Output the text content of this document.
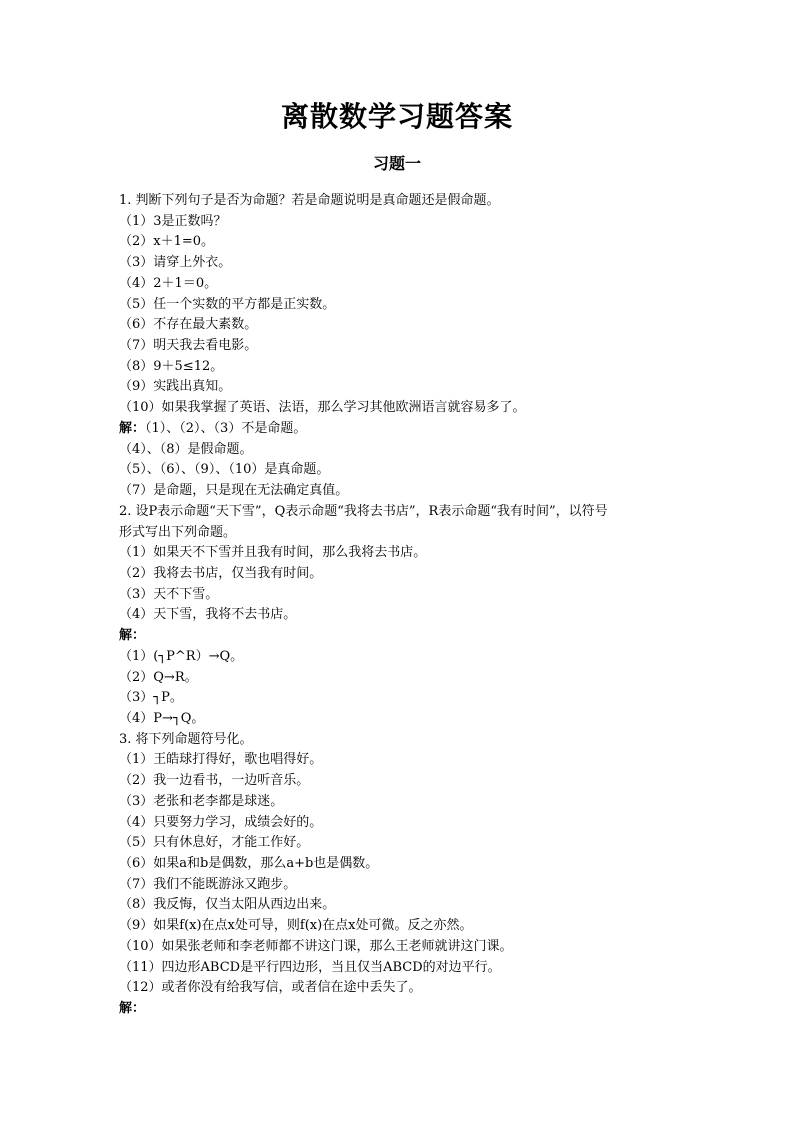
离散数学习题答案
习题一
1. 判断下列句子是否为命题？若是命题说明是真命题还是假命题。
（1）3是正数吗？
（2）x＋1=0。
（3）请穿上外衣。
（4）2＋1＝0。
（5）任一个实数的平方都是正实数。
（6）不存在最大素数。
（7）明天我去看电影。
（8）9＋5≤12。
（9）实践出真知。
（10）如果我掌握了英语、法语，那么学习其他欧洲语言就容易多了。
解：（1）、（2）、（3）不是命题。
（4）、（8）是假命题。
（5）、（6）、（9）、（10）是真命题。
（7）是命题，只是现在无法确定真值。
2. 设P表示命题“天下雪”，Q表示命题“我将去书店”，R表示命题“我有时间”，以符号
形式写出下列命题。
（1）如果天不下雪并且我有时间，那么我将去书店。
（2）我将去书店，仅当我有时间。
（3）天不下雪。
（4）天下雪，我将不去书店。
解：
（1）(┐P^R）→Q。
（2）Q→R。
（3）┐P。
（4）P→┐Q。
3. 将下列命题符号化。
（1）王皓球打得好，歌也唱得好。
（2）我一边看书，一边听音乐。
（3）老张和老李都是球迷。
（4）只要努力学习，成绩会好的。
（5）只有休息好，才能工作好。
（6）如果a和b是偶数，那么a+b也是偶数。
（7）我们不能既游泳又跑步。
（8）我反悔，仅当太阳从西边出来。
（9）如果f(x)在点x处可导，则f(x)在点x处可微。反之亦然。
（10）如果张老师和李老师都不讲这门课，那么王老师就讲这门课。
（11）四边形ABCD是平行四边形，当且仅当ABCD的对边平行。
（12）或者你没有给我写信，或者信在途中丢失了。
解：
